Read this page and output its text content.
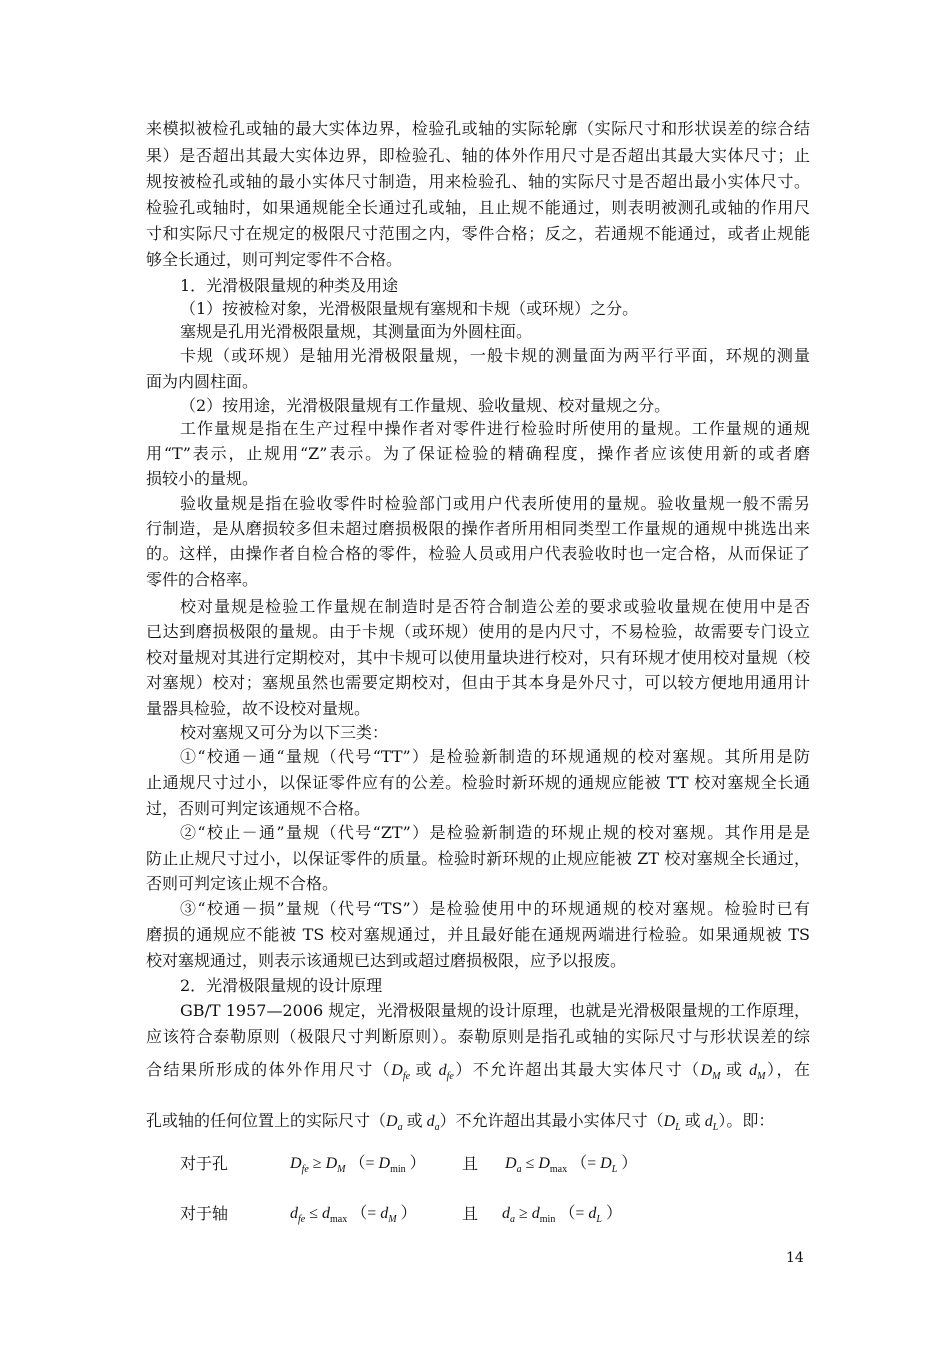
来模拟被检孔或轴的最大实体边界，检验孔或轴的实际轮廓（实际尺寸和形状误差的综合结
果）是否超出其最大实体边界，即检验孔、轴的体外作用尺寸是否超出其最大实体尺寸；止
规按被检孔或轴的最小实体尺寸制造，用来检验孔、轴的实际尺寸是否超出最小实体尺寸。
检验孔或轴时，如果通规能全长通过孔或轴，且止规不能通过，则表明被测孔或轴的作用尺
寸和实际尺寸在规定的极限尺寸范围之内，零件合格；反之，若通规不能通过，或者止规能
够全长通过，则可判定零件不合格。
1．光滑极限量规的种类及用途
（1）按被检对象，光滑极限量规有塞规和卡规（或环规）之分。
塞规是孔用光滑极限量规，其测量面为外圆柱面。
卡规（或环规）是轴用光滑极限量规，一般卡规的测量面为两平行平面，环规的测量
面为内圆柱面。
（2）按用途，光滑极限量规有工作量规、验收量规、校对量规之分。
工作量规是指在生产过程中操作者对零件进行检验时所使用的量规。工作量规的通规
用“T”表示，止规用“Z”表示。为了保证检验的精确程度，操作者应该使用新的或者磨
损较小的量规。
验收量规是指在验收零件时检验部门或用户代表所使用的量规。验收量规一般不需另
行制造，是从磨损较多但未超过磨损极限的操作者所用相同类型工作量规的通规中挑选出来
的。这样，由操作者自检合格的零件，检验人员或用户代表验收时也一定合格，从而保证了
零件的合格率。
校对量规是检验工作量规在制造时是否符合制造公差的要求或验收量规在使用中是否
已达到磨损极限的量规。由于卡规（或环规）使用的是内尺寸，不易检验，故需要专门设立
校对量规对其进行定期校对，其中卡规可以使用量块进行校对，只有环规才使用校对量规（校
对塞规）校对；塞规虽然也需要定期校对，但由于其本身是外尺寸，可以较方便地用通用计
量器具检验，故不设校对量规。
校对塞规又可分为以下三类：
①“校通－通“量规（代号“TT”）是检验新制造的环规通规的校对塞规。其所用是防
止通规尺寸过小，以保证零件应有的公差。检验时新环规的通规应能被 TT 校对塞规全长通
过，否则可判定该通规不合格。
②“校止－通”量规（代号“ZT”）是检验新制造的环规止规的校对塞规。其作用是是
防止止规尺寸过小，以保证零件的质量。检验时新环规的止规应能被 ZT 校对塞规全长通过，
否则可判定该止规不合格。
③“校通－损”量规（代号“TS”）是检验使用中的环规通规的校对塞规。检验时已有
磨损的通规应不能被 TS 校对塞规通过，并且最好能在通规两端进行检验。如果通规被 TS
校对塞规通过，则表示该通规已达到或超过磨损极限，应予以报废。
2．光滑极限量规的设计原理
GB/T 1957—2006 规定，光滑极限量规的设计原理，也就是光滑极限量规的工作原理，
应该符合泰勒原则（极限尺寸判断原则）。泰勒原则是指孔或轴的实际尺寸与形状误差的综
合结果所形成的体外作用尺寸（$D_{fe}$ 或 $d_{fe}$）不允许超出其最大实体尺寸（$D_M$ 或 $d_M$），在
孔或轴的任何位置上的实际尺寸（$D_a$ 或 $d_a$）不允许超出其最小实体尺寸（$D_L$ 或 $d_L$）。即：
对于孔	$D_{fe} \ge D_M$ （= $D_{min}$ ） 且 $D_a \le D_{max}$ （= $D_L$ ）
对于轴	$d_{fe} \le d_{max}$ （= $d_M$ ）	且 $d_a \ge d_{min}$ （= $d_L$ ）
14
